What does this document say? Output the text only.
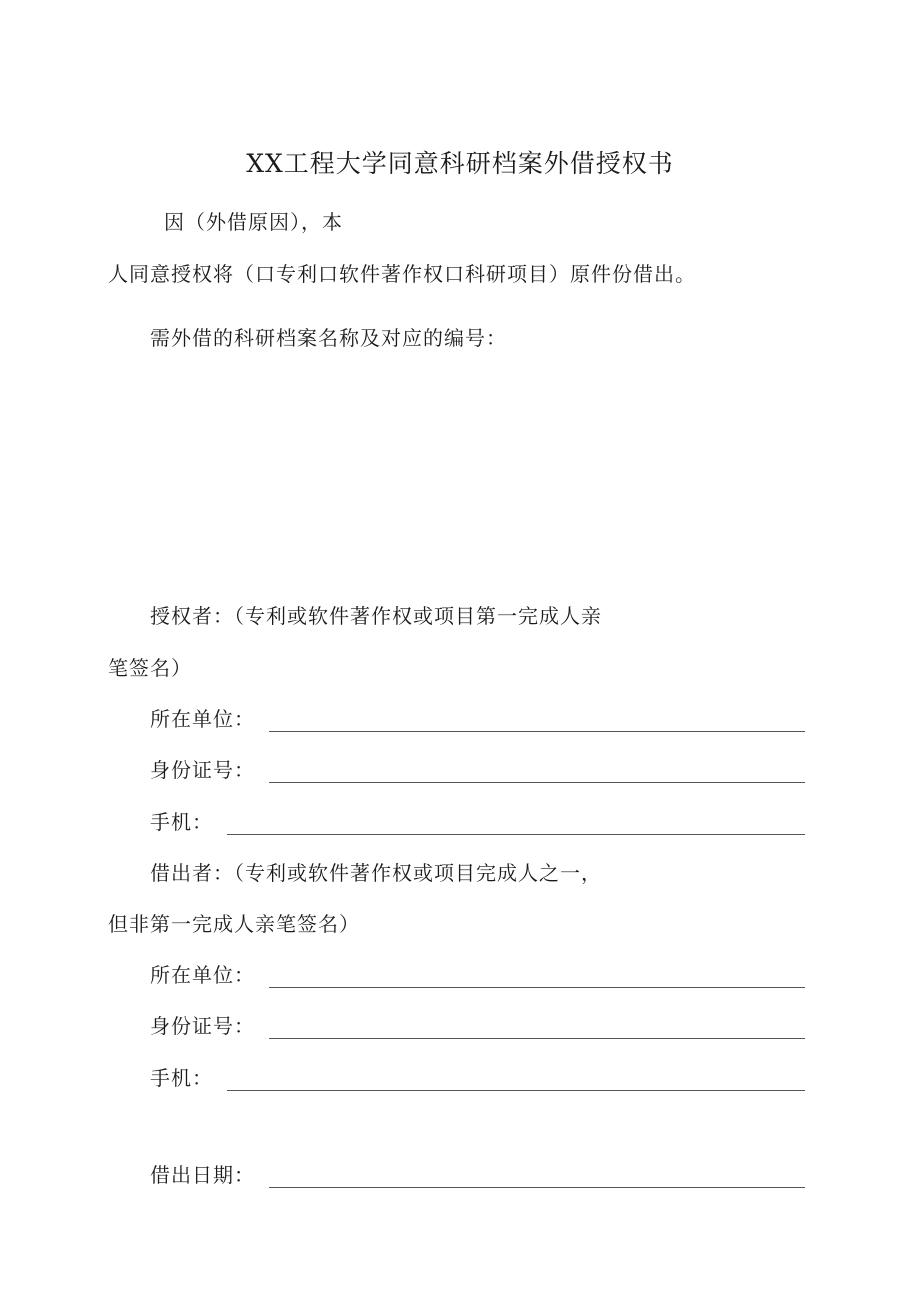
XX工程大学同意科研档案外借授权书
因（外借原因），本
人同意授权将（口专利口软件著作权口科研项目）原件份借出。
需外借的科研档案名称及对应的编号：
授权者：（专利或软件著作权或项目第一完成人亲
笔签名）
所在单位：
身份证号：
手机：
借出者：（专利或软件著作权或项目完成人之一，
但非第一完成人亲笔签名）
所在单位：
身份证号：
手机：
借出日期：
